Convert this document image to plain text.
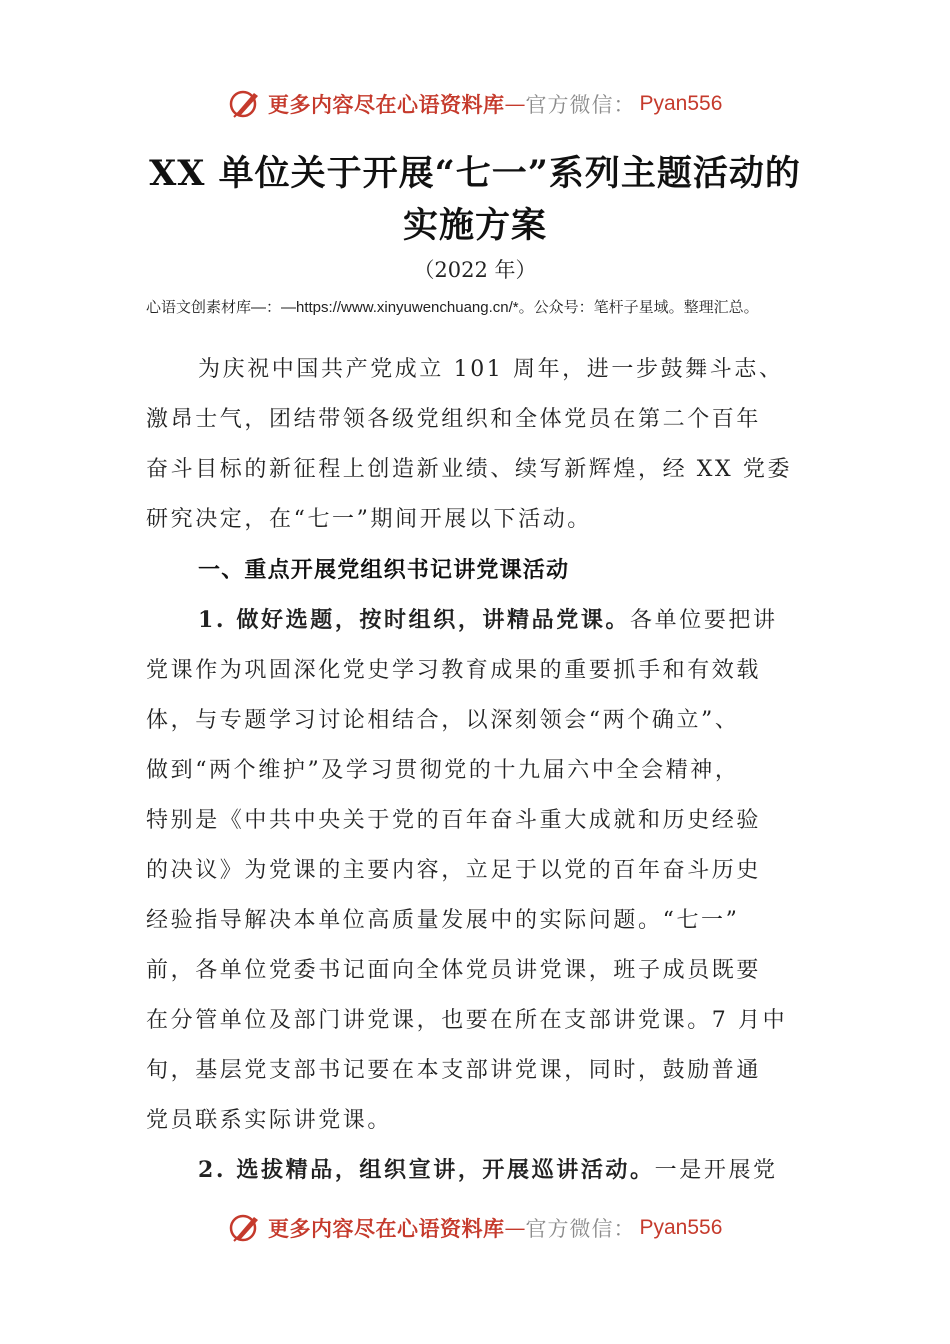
更多内容尽在心语资料库 — 官方微信： Pyan556
XX 单位关于开展“七一”系列主题活动的
实施方案
（2022 年）
心语文创素材库—：—https://www.xinyuwenchuang.cn/*。公众号：笔杆子星域。整理汇总。
为庆祝中国共产党成立 101 周年，进一步鼓舞斗志、
激昂士气，团结带领各级党组织和全体党员在第二个百年
奋斗目标的新征程上创造新业绩、续写新辉煌，经 XX 党委
研究决定，在“七一”期间开展以下活动。
一、重点开展党组织书记讲党课活动
1. 做好选题，按时组织，讲精品党课。各单位要把讲
党课作为巩固深化党史学习教育成果的重要抓手和有效载
体，与专题学习讨论相结合，以深刻领会“两个确立”、
做到“两个维护”及学习贯彻党的十九届六中全会精神，
特别是《中共中央关于党的百年奋斗重大成就和历史经验
的决议》为党课的主要内容，立足于以党的百年奋斗历史
经验指导解决本单位高质量发展中的实际问题。“七一”
前，各单位党委书记面向全体党员讲党课，班子成员既要
在分管单位及部门讲党课，也要在所在支部讲党课。7 月中
旬，基层党支部书记要在本支部讲党课，同时，鼓励普通
党员联系实际讲党课。
2. 选拔精品，组织宣讲，开展巡讲活动。一是开展党
更多内容尽在心语资料库 — 官方微信： Pyan556
